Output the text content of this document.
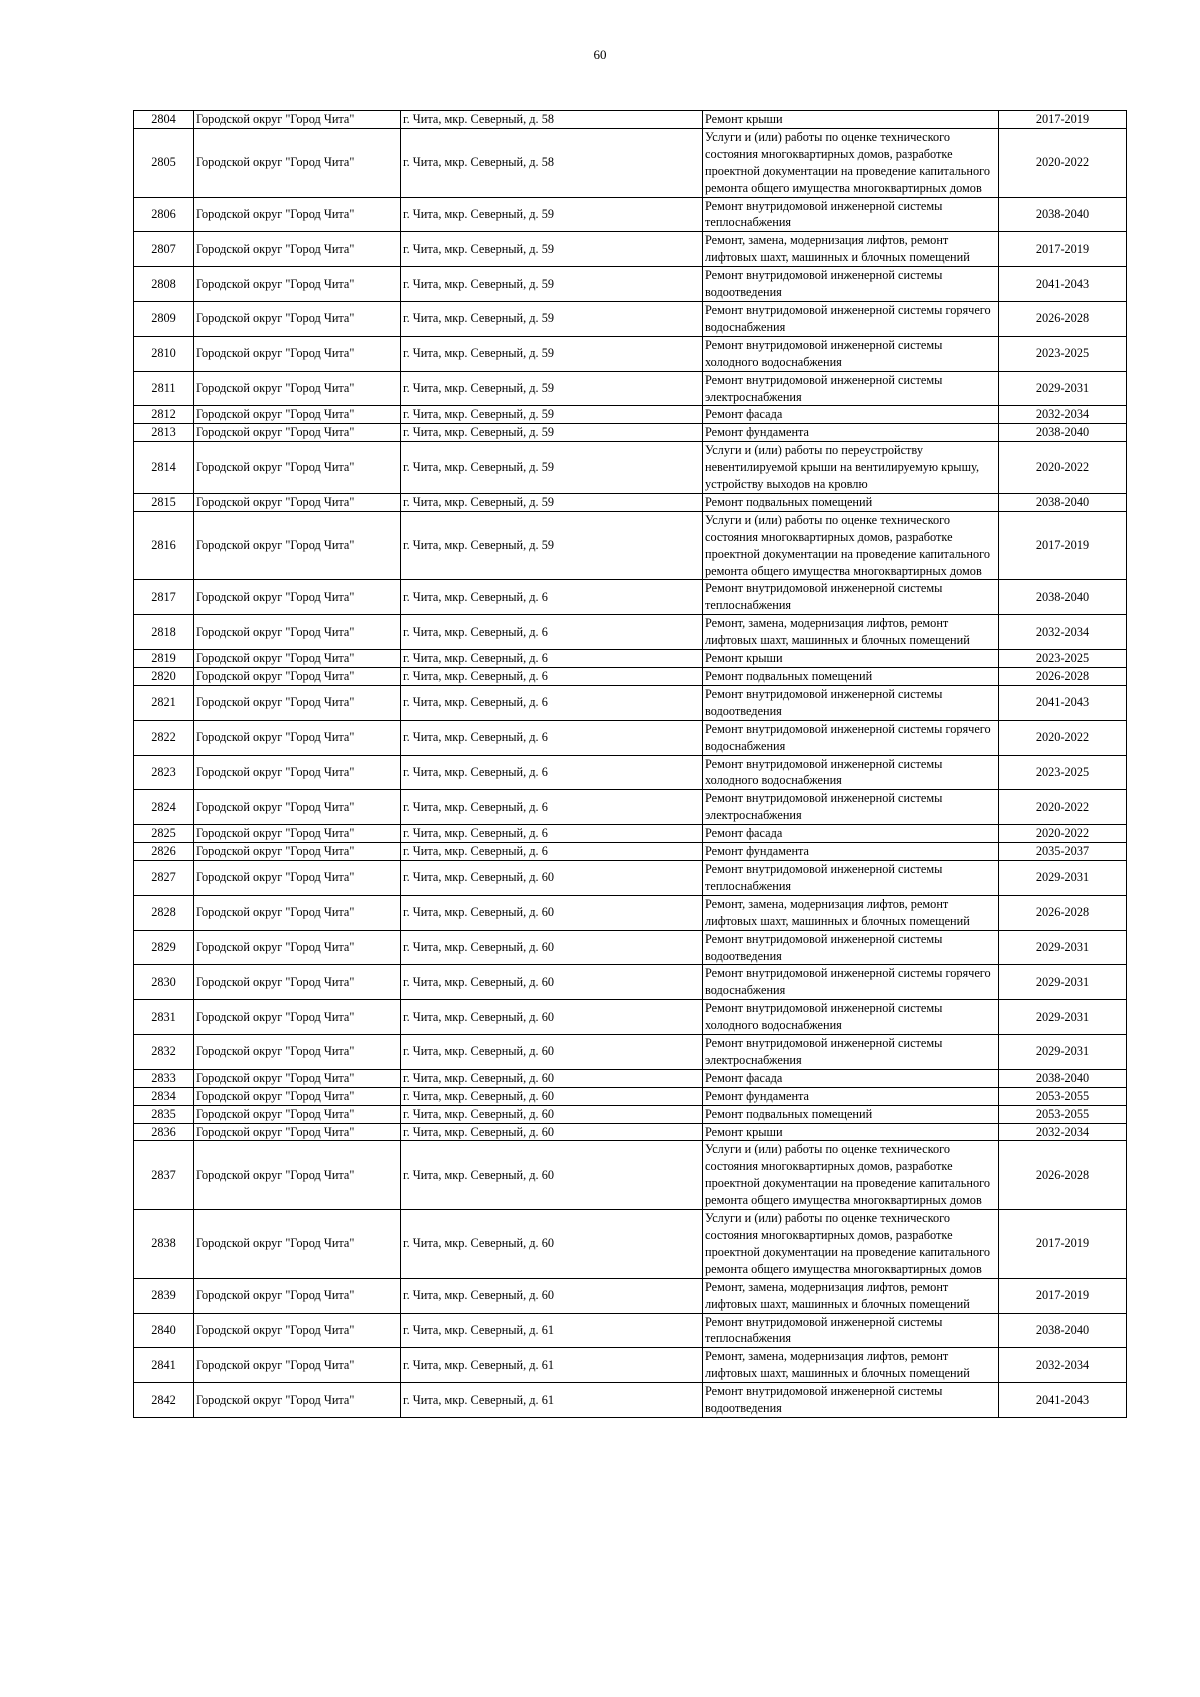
60
2804	Городской округ "Город Чита"	г. Чита, мкр. Северный, д. 58	Ремонт крыши	2017-2019
2805	Городской округ "Город Чита"	г. Чита, мкр. Северный, д. 58	Услуги и (или) работы по оценке технического состояния многоквартирных домов, разработке проектной документации на проведение капитального ремонта общего имущества многоквартирных домов	2020-2022
2806	Городской округ "Город Чита"	г. Чита, мкр. Северный, д. 59	Ремонт внутридомовой инженерной системы теплоснабжения	2038-2040
2807	Городской округ "Город Чита"	г. Чита, мкр. Северный, д. 59	Ремонт, замена, модернизация лифтов, ремонт лифтовых шахт, машинных и блочных помещений	2017-2019
2808	Городской округ "Город Чита"	г. Чита, мкр. Северный, д. 59	Ремонт внутридомовой инженерной системы водоотведения	2041-2043
2809	Городской округ "Город Чита"	г. Чита, мкр. Северный, д. 59	Ремонт внутридомовой инженерной системы горячего водоснабжения	2026-2028
2810	Городской округ "Город Чита"	г. Чита, мкр. Северный, д. 59	Ремонт внутридомовой инженерной системы холодного водоснабжения	2023-2025
2811	Городской округ "Город Чита"	г. Чита, мкр. Северный, д. 59	Ремонт внутридомовой инженерной системы электроснабжения	2029-2031
2812	Городской округ "Город Чита"	г. Чита, мкр. Северный, д. 59	Ремонт фасада	2032-2034
2813	Городской округ "Город Чита"	г. Чита, мкр. Северный, д. 59	Ремонт фундамента	2038-2040
2814	Городской округ "Город Чита"	г. Чита, мкр. Северный, д. 59	Услуги и (или) работы по переустройству невентилируемой крыши на вентилируемую крышу, устройству выходов на кровлю	2020-2022
2815	Городской округ "Город Чита"	г. Чита, мкр. Северный, д. 59	Ремонт подвальных помещений	2038-2040
2816	Городской округ "Город Чита"	г. Чита, мкр. Северный, д. 59	Услуги и (или) работы по оценке технического состояния многоквартирных домов, разработке проектной документации на проведение капитального ремонта общего имущества многоквартирных домов	2017-2019
2817	Городской округ "Город Чита"	г. Чита, мкр. Северный, д. 6	Ремонт внутридомовой инженерной системы теплоснабжения	2038-2040
2818	Городской округ "Город Чита"	г. Чита, мкр. Северный, д. 6	Ремонт, замена, модернизация лифтов, ремонт лифтовых шахт, машинных и блочных помещений	2032-2034
2819	Городской округ "Город Чита"	г. Чита, мкр. Северный, д. 6	Ремонт крыши	2023-2025
2820	Городской округ "Город Чита"	г. Чита, мкр. Северный, д. 6	Ремонт подвальных помещений	2026-2028
2821	Городской округ "Город Чита"	г. Чита, мкр. Северный, д. 6	Ремонт внутридомовой инженерной системы водоотведения	2041-2043
2822	Городской округ "Город Чита"	г. Чита, мкр. Северный, д. 6	Ремонт внутридомовой инженерной системы горячего водоснабжения	2020-2022
2823	Городской округ "Город Чита"	г. Чита, мкр. Северный, д. 6	Ремонт внутридомовой инженерной системы холодного водоснабжения	2023-2025
2824	Городской округ "Город Чита"	г. Чита, мкр. Северный, д. 6	Ремонт внутридомовой инженерной системы электроснабжения	2020-2022
2825	Городской округ "Город Чита"	г. Чита, мкр. Северный, д. 6	Ремонт фасада	2020-2022
2826	Городской округ "Город Чита"	г. Чита, мкр. Северный, д. 6	Ремонт фундамента	2035-2037
2827	Городской округ "Город Чита"	г. Чита, мкр. Северный, д. 60	Ремонт внутридомовой инженерной системы теплоснабжения	2029-2031
2828	Городской округ "Город Чита"	г. Чита, мкр. Северный, д. 60	Ремонт, замена, модернизация лифтов, ремонт лифтовых шахт, машинных и блочных помещений	2026-2028
2829	Городской округ "Город Чита"	г. Чита, мкр. Северный, д. 60	Ремонт внутридомовой инженерной системы водоотведения	2029-2031
2830	Городской округ "Город Чита"	г. Чита, мкр. Северный, д. 60	Ремонт внутридомовой инженерной системы горячего водоснабжения	2029-2031
2831	Городской округ "Город Чита"	г. Чита, мкр. Северный, д. 60	Ремонт внутридомовой инженерной системы холодного водоснабжения	2029-2031
2832	Городской округ "Город Чита"	г. Чита, мкр. Северный, д. 60	Ремонт внутридомовой инженерной системы электроснабжения	2029-2031
2833	Городской округ "Город Чита"	г. Чита, мкр. Северный, д. 60	Ремонт фасада	2038-2040
2834	Городской округ "Город Чита"	г. Чита, мкр. Северный, д. 60	Ремонт фундамента	2053-2055
2835	Городской округ "Город Чита"	г. Чита, мкр. Северный, д. 60	Ремонт подвальных помещений	2053-2055
2836	Городской округ "Город Чита"	г. Чита, мкр. Северный, д. 60	Ремонт крыши	2032-2034
2837	Городской округ "Город Чита"	г. Чита, мкр. Северный, д. 60	Услуги и (или) работы по оценке технического состояния многоквартирных домов, разработке проектной документации на проведение капитального ремонта общего имущества многоквартирных домов	2026-2028
2838	Городской округ "Город Чита"	г. Чита, мкр. Северный, д. 60	Услуги и (или) работы по оценке технического состояния многоквартирных домов, разработке проектной документации на проведение капитального ремонта общего имущества многоквартирных домов	2017-2019
2839	Городской округ "Город Чита"	г. Чита, мкр. Северный, д. 60	Ремонт, замена, модернизация лифтов, ремонт лифтовых шахт, машинных и блочных помещений	2017-2019
2840	Городской округ "Город Чита"	г. Чита, мкр. Северный, д. 61	Ремонт внутридомовой инженерной системы теплоснабжения	2038-2040
2841	Городской округ "Город Чита"	г. Чита, мкр. Северный, д. 61	Ремонт, замена, модернизация лифтов, ремонт лифтовых шахт, машинных и блочных помещений	2032-2034
2842	Городской округ "Город Чита"	г. Чита, мкр. Северный, д. 61	Ремонт внутридомовой инженерной системы водоотведения	2041-2043
